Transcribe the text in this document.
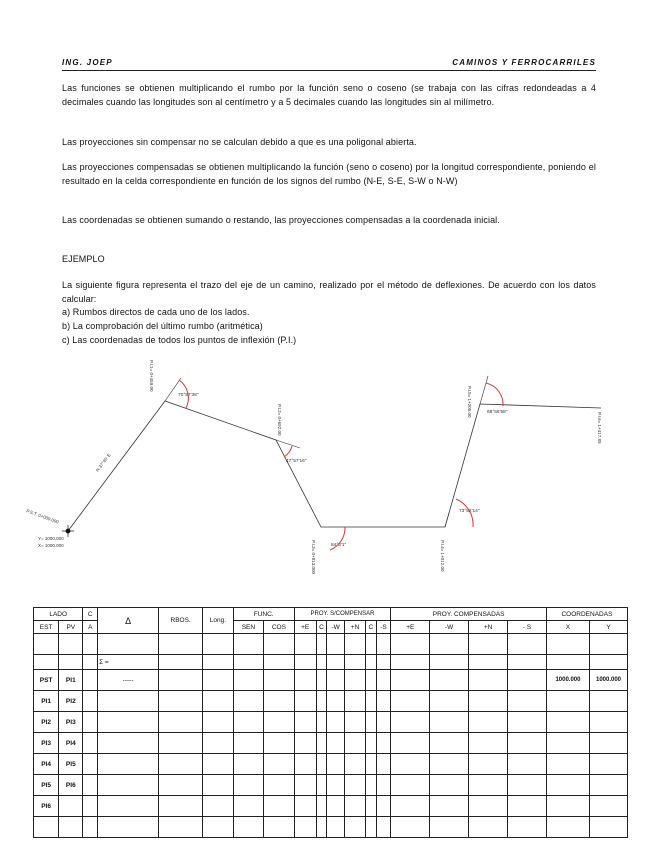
ING. JOEP	CAMINOS Y FERROCARRILES

Las funciones se obtienen multiplicando el rumbo por la función seno o coseno (se trabaja con las cifras redondeadas a 4 decimales cuando las longitudes son al centímetro y a 5 decimales cuando las longitudes sin al milímetro.

Las proyecciones sin compensar no se calculan debido a que es una poligonal abierta.

Las proyecciones compensadas se obtienen multiplicando la función (seno o coseno) por la longitud correspondiente, poniendo el resultado en la celda correspondiente en función de los signos del rumbo (N-E, S-E, S-W o N-W)

Las coordenadas se obtienen sumando o restando, las proyecciones compensadas a la coordenada inicial.

EJEMPLO

La siguiente figura representa el trazo del eje de un camino, realizado por el método de deflexiones. De acuerdo con los datos calcular:

a) Rumbos directos de cada uno de los lados.
b) La comprobación del último rumbo (aritmética)
c) Las coordenadas de todos los puntos de inflexión (P.I.)
P.S.T. 0+000.000
Y= 1000.000
X= 1000.000
N 37°40' E
70°57'38"
47°57'16"
84°3'1"
73°52'14"
68°56'58"
P.I.1= 0+459.00
P.I.2= 0+692.00
P.I.3= 0+813.000	P.I.4= 1+012.00
P.I.5= 1+205.00
P.I.6= 1+417.89
LADO		C	Δ	RBOS.	Long.	FUNC.		PROY. S/COMPENSAR						PROY. COMPENSADAS				COORDENADAS	
EST	PV	A				SEN	COS	+E	C	-W	+N	C	-S	+E	-W	+N	- S	X	Y

			Σ =																
PST	PI1		-----															1000.000	1000.000
PI1	PI2																		
PI2	PI3																		
PI3	PI4																		
PI4	PI5																		
PI5	PI6																		
PI6																			
